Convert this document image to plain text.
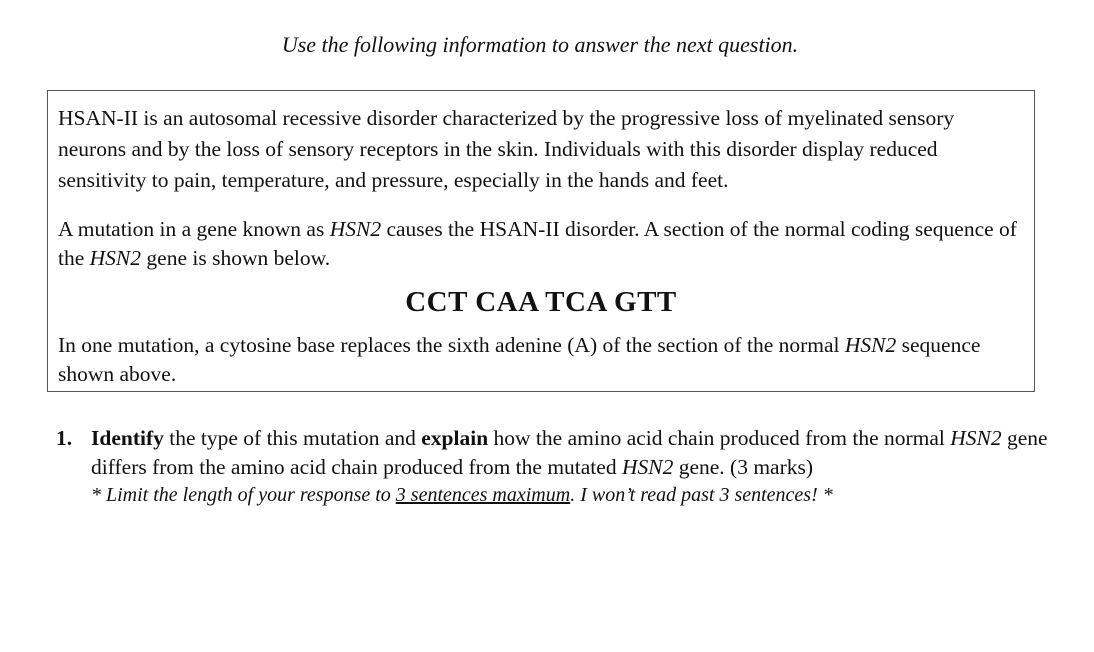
Use the following information to answer the next question.

HSAN-II is an autosomal recessive disorder characterized by the progressive loss of myelinated sensory neurons and by the loss of sensory receptors in the skin. Individuals with this disorder display reduced sensitivity to pain, temperature, and pressure, especially in the hands and feet.

A mutation in a gene known as HSN2 causes the HSAN-II disorder. A section of the normal coding sequence of the HSN2 gene is shown below.

CCT CAA TCA GTT

In one mutation, a cytosine base replaces the sixth adenine (A) of the section of the normal HSN2 sequence shown above.

1. Identify the type of this mutation and explain how the amino acid chain produced from the normal HSN2 gene differs from the amino acid chain produced from the mutated HSN2 gene. (3 marks)
* Limit the length of your response to 3 sentences maximum. I won’t read past 3 sentences! *
